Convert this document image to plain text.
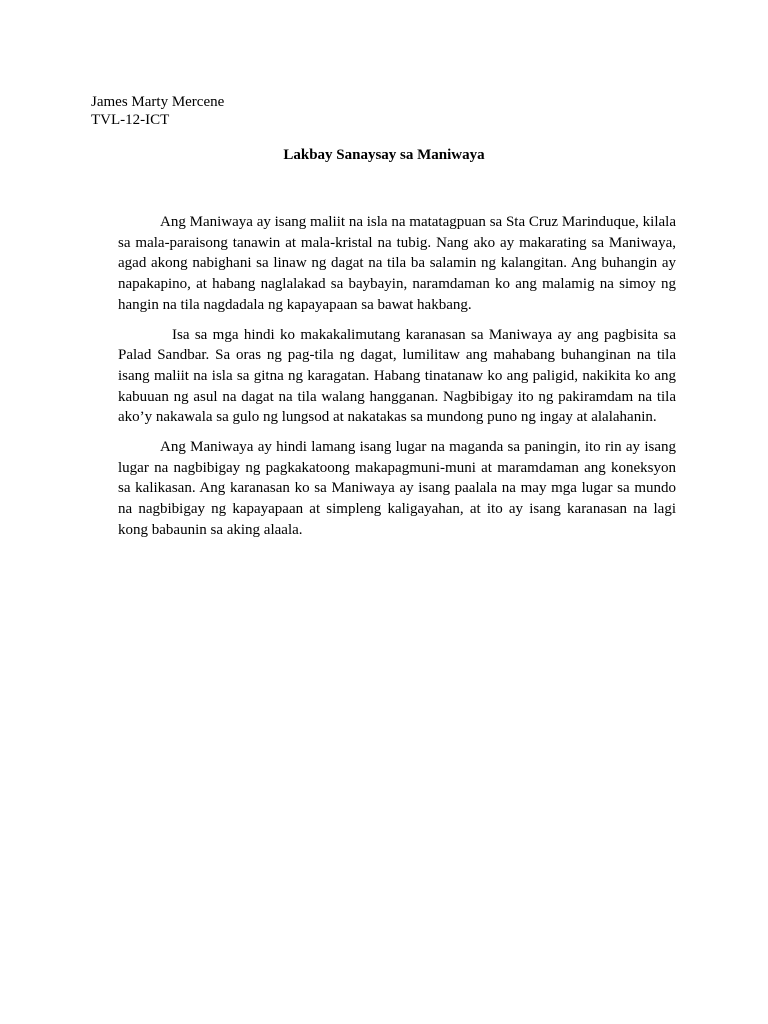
James Marty Mercene
TVL-12-ICT
Lakbay Sanaysay sa Maniwaya

Ang Maniwaya ay isang maliit na isla na matatagpuan sa Sta Cruz Marinduque, kilala sa mala-paraisong tanawin at mala-kristal na tubig. Nang ako ay makarating sa Maniwaya, agad akong nabighani sa linaw ng dagat na tila ba salamin ng kalangitan. Ang buhangin ay napakapino, at habang naglalakad sa baybayin, naramdaman ko ang malamig na simoy ng hangin na tila nagdadala ng kapayapaan sa bawat hakbang.

Isa sa mga hindi ko makakalimutang karanasan sa Maniwaya ay ang pagbisita sa Palad Sandbar. Sa oras ng pag-tila ng dagat, lumilitaw ang mahabang buhanginan na tila isang maliit na isla sa gitna ng karagatan. Habang tinatanaw ko ang paligid, nakikita ko ang kabuuan ng asul na dagat na tila walang hangganan. Nagbibigay ito ng pakiramdam na tila ako’y nakawala sa gulo ng lungsod at nakatakas sa mundong puno ng ingay at alalahanin.

Ang Maniwaya ay hindi lamang isang lugar na maganda sa paningin, ito rin ay isang lugar na nagbibigay ng pagkakatoong makapagmuni-muni at maramdaman ang koneksyon sa kalikasan. Ang karanasan ko sa Maniwaya ay isang paalala na may mga lugar sa mundo na nagbibigay ng kapayapaan at simpleng kaligayahan, at ito ay isang karanasan na lagi kong babaunin sa aking alaala.
